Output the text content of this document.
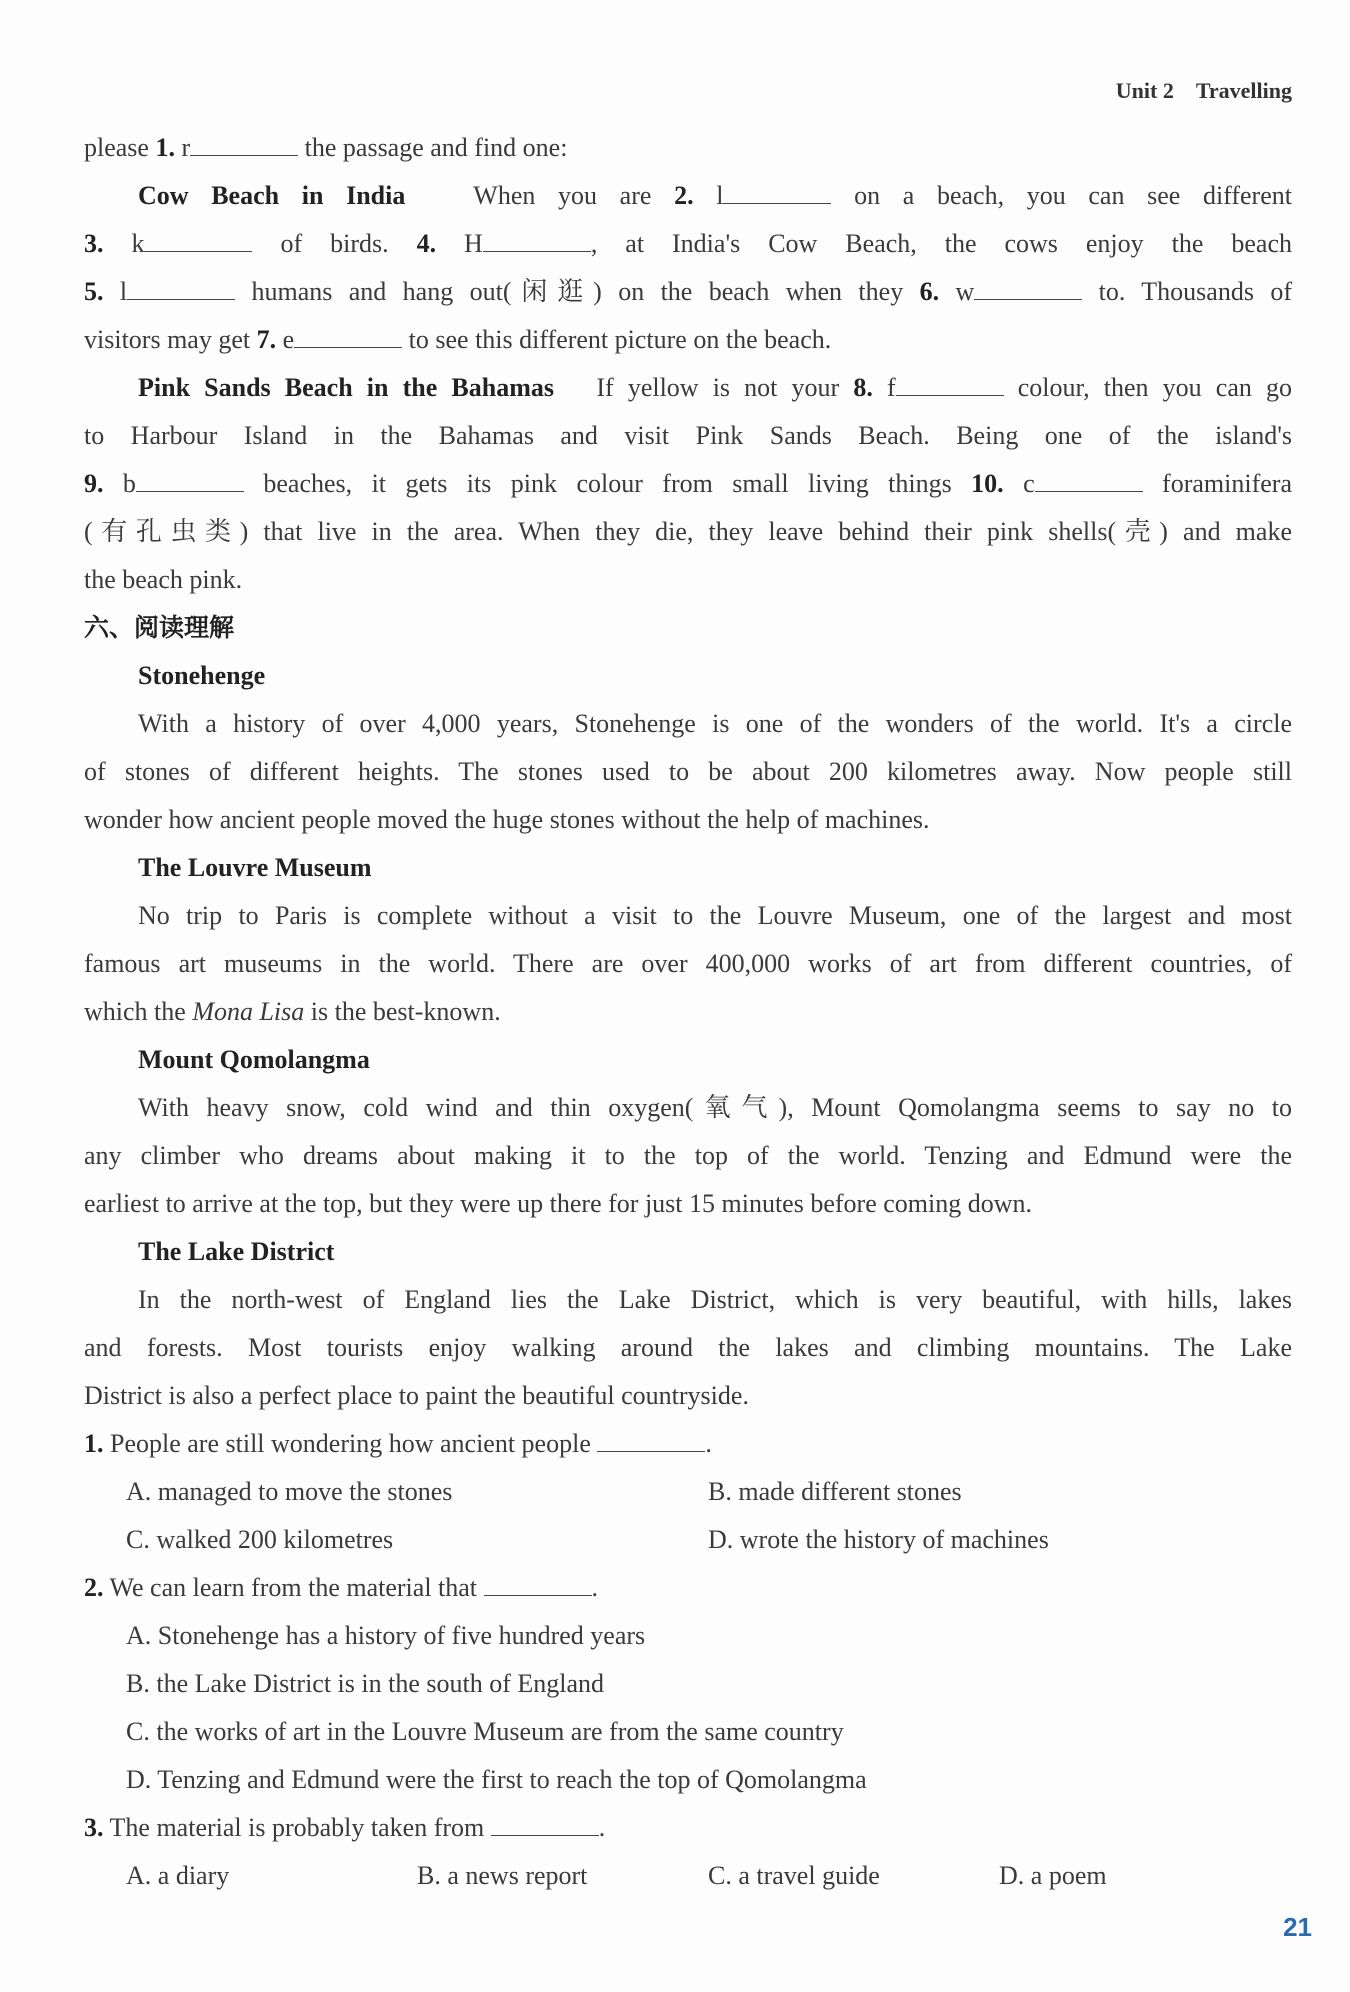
Unit 2 Travelling
please 1. r	the passage and find one:
Cow Beach in India	When you are 2. l	on a beach, you can see different
3. k	of birds. 4. H	, at India's Cow Beach, the cows enjoy the beach
5. l	humans and hang out(闲逛) on the beach when they 6. w	to. Thousands of
visitors may get 7. e	to see this different picture on the beach.
Pink Sands Beach in the Bahamas If yellow is not your 8. f	colour, then you can go
to Harbour Island in the Bahamas and visit Pink Sands Beach. Being one of the island's
9. b	beaches, it gets its pink colour from small living things 10. c	foraminifera
(有孔虫类) that live in the area. When they die, they leave behind their pink shells(壳) and make
the beach pink.
六、阅读理解
Stonehenge
With a history of over 4,000 years, Stonehenge is one of the wonders of the world. It's a circle
of stones of different heights. The stones used to be about 200 kilometres away. Now people still
wonder how ancient people moved the huge stones without the help of machines.
The Louvre Museum
No trip to Paris is complete without a visit to the Louvre Museum, one of the largest and most
famous art museums in the world. There are over 400,000 works of art from different countries, of
which the Mona Lisa is the best-known.
Mount Qomolangma
With heavy snow, cold wind and thin oxygen(氧气), Mount Qomolangma seems to say no to
any climber who dreams about making it to the top of the world. Tenzing and Edmund were the
earliest to arrive at the top, but they were up there for just 15 minutes before coming down.
The Lake District
In the north-west of England lies the Lake District, which is very beautiful, with hills, lakes
and forests. Most tourists enjoy walking around the lakes and climbing mountains. The Lake
District is also a perfect place to paint the beautiful countryside.
1. People are still wondering how ancient people	.
A. managed to move the stones	B. made different stones
C. walked 200 kilometres	D. wrote the history of machines
2. We can learn from the material that	.
A. Stonehenge has a history of five hundred years
B. the Lake District is in the south of England
C. the works of art in the Louvre Museum are from the same country
D. Tenzing and Edmund were the first to reach the top of Qomolangma
3. The material is probably taken from	.
A. a diary	B. a news report	C. a travel guide	D. a poem
21
